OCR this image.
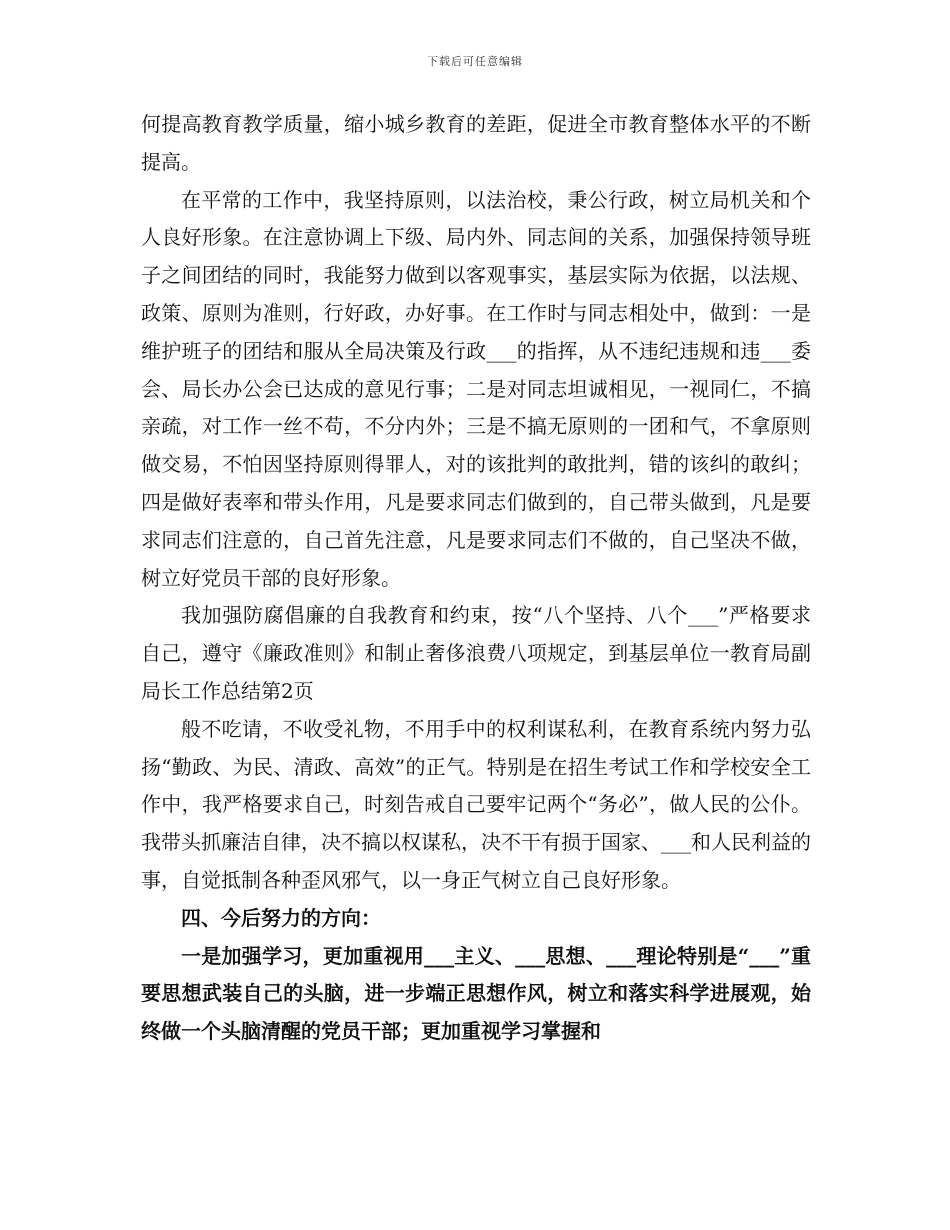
下载后可任意编辑

何提高教育教学质量，缩小城乡教育的差距，促进全市教育整体水平的不断提高。

在平常的工作中，我坚持原则，以法治校，秉公行政，树立局机关和个人良好形象。在注意协调上下级、局内外、同志间的关系，加强保持领导班子之间团结的同时，我能努力做到以客观事实，基层实际为依据，以法规、政策、原则为准则，行好政，办好事。在工作时与同志相处中，做到：一是维护班子的团结和服从全局决策及行政___的指挥，从不违纪违规和违___委会、局长办公会已达成的意见行事；二是对同志坦诚相见，一视同仁，不搞亲疏，对工作一丝不苟，不分内外；三是不搞无原则的一团和气，不拿原则做交易，不怕因坚持原则得罪人，对的该批判的敢批判，错的该纠的敢纠；四是做好表率和带头作用，凡是要求同志们做到的，自己带头做到，凡是要求同志们注意的，自己首先注意，凡是要求同志们不做的，自己坚决不做，树立好党员干部的良好形象。

我加强防腐倡廉的自我教育和约束，按“八个坚持、八个___”严格要求自己，遵守《廉政准则》和制止奢侈浪费八项规定，到基层单位一教育局副局长工作总结第2页

般不吃请，不收受礼物，不用手中的权利谋私利，在教育系统内努力弘扬“勤政、为民、清政、高效”的正气。特别是在招生考试工作和学校安全工作中，我严格要求自己，时刻告戒自己要牢记两个“务必”，做人民的公仆。我带头抓廉洁自律，决不搞以权谋私，决不干有损于国家、___和人民利益的事，自觉抵制各种歪风邪气，以一身正气树立自己良好形象。

四、今后努力的方向：

一是加强学习，更加重视用___主义、___思想、___理论特别是“___”重要思想武装自己的头脑，进一步端正思想作风，树立和落实科学进展观，始终做一个头脑清醒的党员干部；更加重视学习掌握和
